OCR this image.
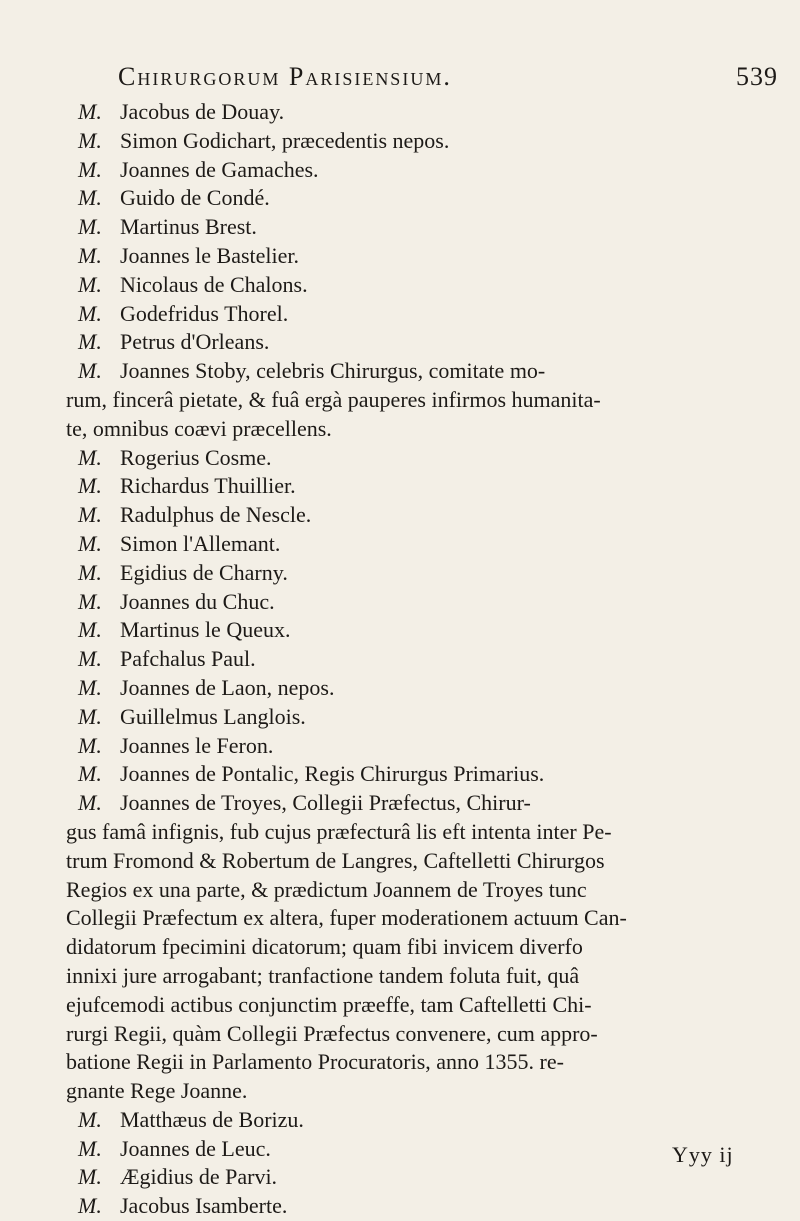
Chirurgorum Parisiensium.	539
M. Jacobus de Douay.
M. Simon Godichart, præcedentis nepos.
M. Joannes de Gamaches.
M. Guido de Condé.
M. Martinus Brest.
M. Joannes le Bastelier.
M. Nicolaus de Chalons.
M. Godefridus Thorel.
M. Petrus d'Orleans.
M. Joannes Stoby, celebris Chirurgus, comitate mo-
rum, fincerâ pietate, & fuâ ergà pauperes infirmos humanita-
te, omnibus coævi præcellens.
M. Rogerius Cosme.
M. Richardus Thuillier.
M. Radulphus de Nescle.
M. Simon l'Allemant.
M. Egidius de Charny.
M. Joannes du Chuc.
M. Martinus le Queux.
M. Pafchalus Paul.
M. Joannes de Laon, nepos.
M. Guillelmus Langlois.
M. Joannes le Feron.
M. Joannes de Pontalic, Regis Chirurgus Primarius.
M. Joannes de Troyes, Collegii Præfectus, Chirur-
gus famâ infignis, fub cujus præfecturâ lis eft intenta inter Pe-
trum Fromond & Robertum de Langres, Caftelletti Chirurgos
Regios ex una parte, & prædictum Joannem de Troyes tunc
Collegii Præfectum ex altera, fuper moderationem actuum Can-
didatorum fpecimini dicatorum; quam fibi invicem diverfo
innixi jure arrogabant; tranfactione tandem foluta fuit, quâ
ejufcemodi actibus conjunctim præeffe, tam Caftelletti Chi-
rurgi Regii, quàm Collegii Præfectus convenere, cum appro-
batione Regii in Parlamento Procuratoris, anno 1355. re-
gnante Rege Joanne.
M. Matthæus de Borizu.
M. Joannes de Leuc.
M. Ægidius de Parvi.
M. Jacobus Isamberte.
Yyy ij
